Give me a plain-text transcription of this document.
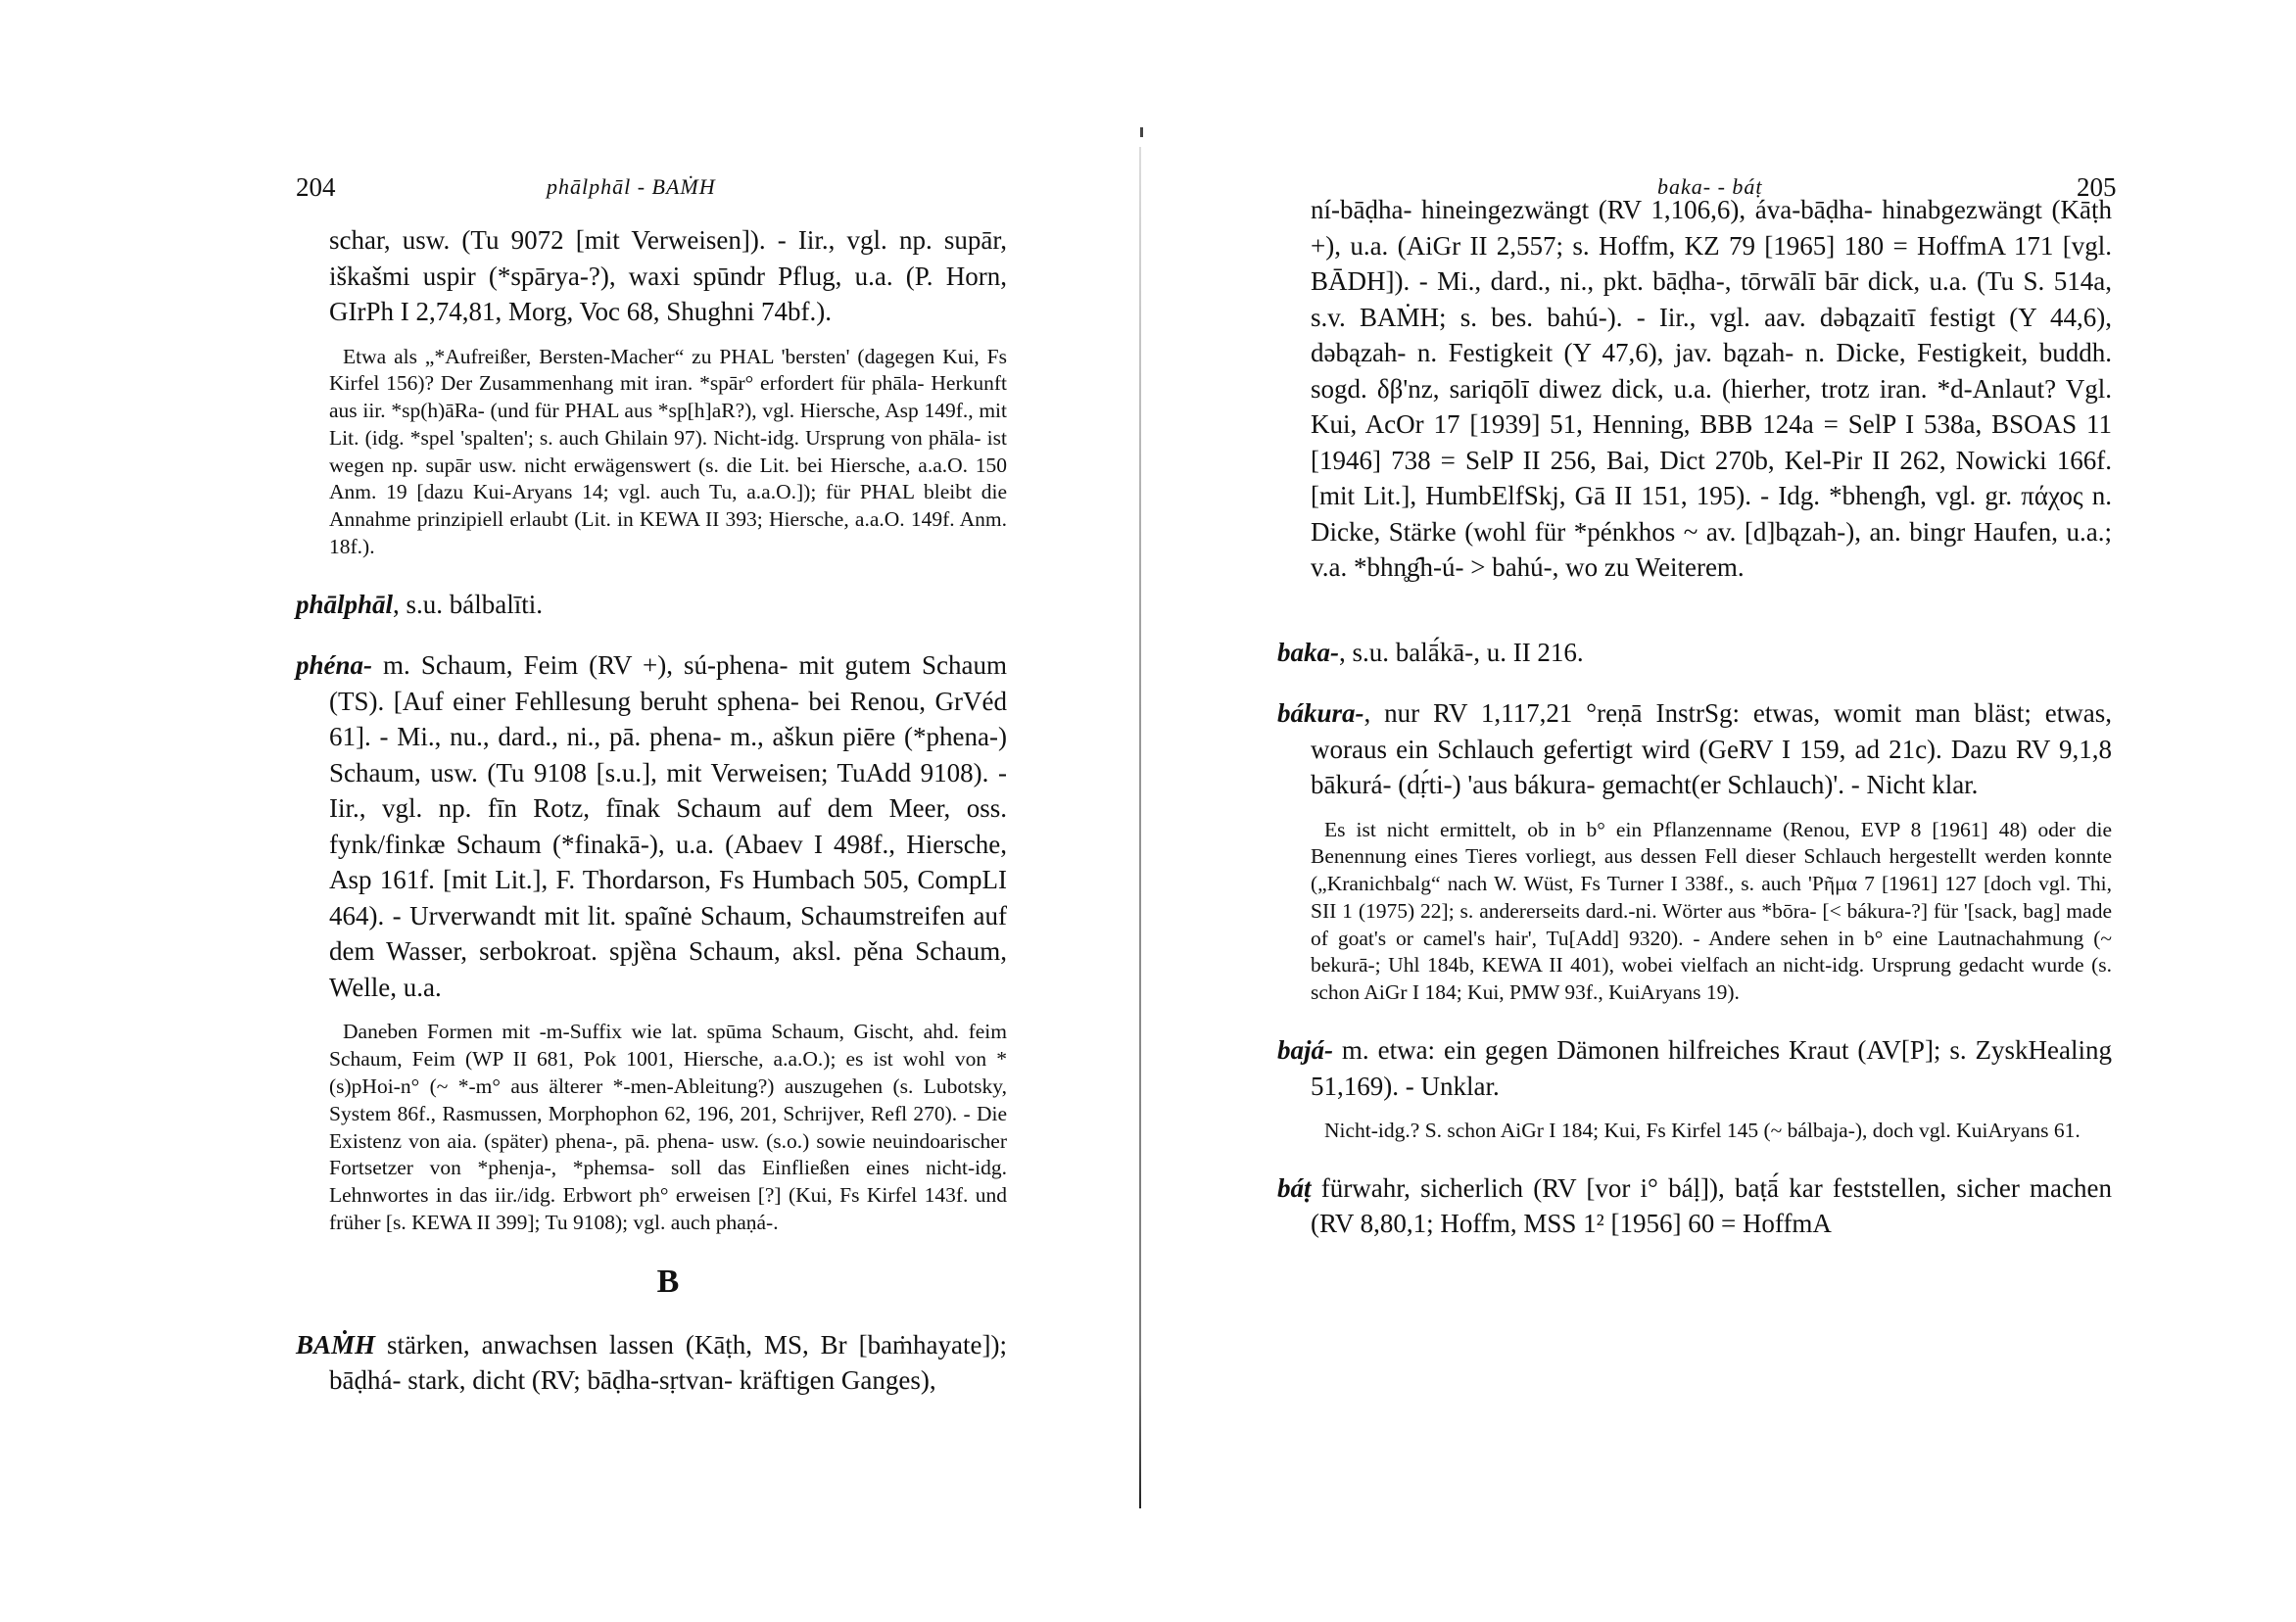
204	phālphāl - BAṀH

schar, usw. (Tu 9072 [mit Verweisen]). - Iir., vgl. np. supār, iškašmi uspir (*spārya-?), waxi spūndr Pflug, u.a. (P. Horn, GIrPh I 2,74,81, Morg, Voc 68, Shughni 74bf.).

Etwa als „*Aufreißer, Bersten-Macher“ zu PHAL 'bersten' (dagegen Kui, Fs Kirfel 156)? Der Zusammenhang mit iran. *spār° erfordert für phāla- Herkunft aus iir. *sp(h)āRa- (und für PHAL aus *sp[h]aR?), vgl. Hiersche, Asp 149f., mit Lit. (idg. *spel 'spalten'; s. auch Ghilain 97). Nicht-idg. Ursprung von phāla- ist wegen np. supār usw. nicht erwägenswert (s. die Lit. bei Hiersche, a.a.O. 150 Anm. 19 [dazu Kui-Aryans 14; vgl. auch Tu, a.a.O.]); für PHAL bleibt die Annahme prinzipiell erlaubt (Lit. in KEWA II 393; Hiersche, a.a.O. 149f. Anm. 18f.).

phālphāl, s.u. bálbalīti.

phéna- m. Schaum, Feim (RV +), sú-phena- mit gutem Schaum (TS). [Auf einer Fehllesung beruht sphena- bei Renou, GrVéd 61]. - Mi., nu., dard., ni., pā. phena- m., aškun piēre (*phena-) Schaum, usw. (Tu 9108 [s.u.], mit Verweisen; TuAdd 9108). - Iir., vgl. np. fīn Rotz, fīnak Schaum auf dem Meer, oss. fynk/finkæ Schaum (*finakā-), u.a. (Abaev I 498f., Hiersche, Asp 161f. [mit Lit.], F. Thordarson, Fs Humbach 505, CompLI 464). - Urverwandt mit lit. spaĩnė Schaum, Schaumstreifen auf dem Wasser, serbokroat. spjȅna Schaum, aksl. pěna Schaum, Welle, u.a.

Daneben Formen mit -m-Suffix wie lat. spūma Schaum, Gischt, ahd. feim Schaum, Feim (WP II 681, Pok 1001, Hiersche, a.a.O.); es ist wohl von *(s)pHoi-n° (~ *-m° aus älterer *-men-Ableitung?) auszugehen (s. Lubotsky, System 86f., Rasmussen, Morphophon 62, 196, 201, Schrijver, Refl 270). - Die Existenz von aia. (später) phena-, pā. phena- usw. (s.o.) sowie neuindoarischer Fortsetzer von *phenja-, *phemsa- soll das Einfließen eines nicht-idg. Lehnwortes in das iir./idg. Erbwort ph° erweisen [?] (Kui, Fs Kirfel 143f. und früher [s. KEWA II 399]; Tu 9108); vgl. auch phaṇá-.

B

BAṀH stärken, anwachsen lassen (Kāṭh, MS, Br [baṁhayate]); bāḍhá- stark, dicht (RV; bāḍha-sṛtvan- kräftigen Ganges),

baka- - báṭ	205

ní-bāḍha- hineingezwängt (RV 1,106,6), áva-bāḍha- hinabgezwängt (Kāṭh +), u.a. (AiGr II 2,557; s. Hoffm, KZ 79 [1965] 180 = HoffmA 171 [vgl. BĀDH]). - Mi., dard., ni., pkt. bāḍha-, tōrwālī bār dick, u.a. (Tu S. 514a, s.v. BAṀH; s. bes. bahú-). - Iir., vgl. aav. dəbązaitī festigt (Y 44,6), dəbązah- n. Festigkeit (Y 47,6), jav. bązah- n. Dicke, Festigkeit, buddh. sogd. δβ'nz, sariqōlī diwez dick, u.a. (hierher, trotz iran. *d-Anlaut? Vgl. Kui, AcOr 17 [1939] 51, Henning, BBB 124a = SelP I 538a, BSOAS 11 [1946] 738 = SelP II 256, Bai, Dict 270b, Kel-Pir II 262, Nowicki 166f. [mit Lit.], HumbElfSkj, Gā II 151, 195). - Idg. *bheng̑h, vgl. gr. πάχος n. Dicke, Stärke (wohl für *pénkhos ~ av. [d]bązah-), an. bingr Haufen, u.a.; v.a. *bhn̥g̑h-ú- > bahú-, wo zu Weiterem.

baka-, s.u. balā́kā-, u. II 216.

bákura-, nur RV 1,117,21 °reṇā InstrSg: etwas, womit man bläst; etwas, woraus ein Schlauch gefertigt wird (GeRV I 159, ad 21c). Dazu RV 9,1,8 bākurá- (dṛ́ti-) 'aus bákura- gemacht(er Schlauch)'. - Nicht klar.

Es ist nicht ermittelt, ob in b° ein Pflanzenname (Renou, EVP 8 [1961] 48) oder die Benennung eines Tieres vorliegt, aus dessen Fell dieser Schlauch hergestellt werden konnte („Kranichbalg“ nach W. Wüst, Fs Turner I 338f., s. auch 'Pῆμα 7 [1961] 127 [doch vgl. Thi, SII 1 (1975) 22]; s. andererseits dard.-ni. Wörter aus *bōra- [< bákura-?] für '[sack, bag] made of goat's or camel's hair', Tu[Add] 9320). - Andere sehen in b° eine Lautnachahmung (~ bekurā-; Uhl 184b, KEWA II 401), wobei vielfach an nicht-idg. Ursprung gedacht wurde (s. schon AiGr I 184; Kui, PMW 93f., KuiAryans 19).

bajá- m. etwa: ein gegen Dämonen hilfreiches Kraut (AV[P]; s. ZyskHealing 51,169). - Unklar.

Nicht-idg.? S. schon AiGr I 184; Kui, Fs Kirfel 145 (~ bálbaja-), doch vgl. KuiAryans 61.

báṭ fürwahr, sicherlich (RV [vor i° báḷ]), baṭā́ kar feststellen, sicher machen (RV 8,80,1; Hoffm, MSS 1² [1956] 60 = HoffmA
